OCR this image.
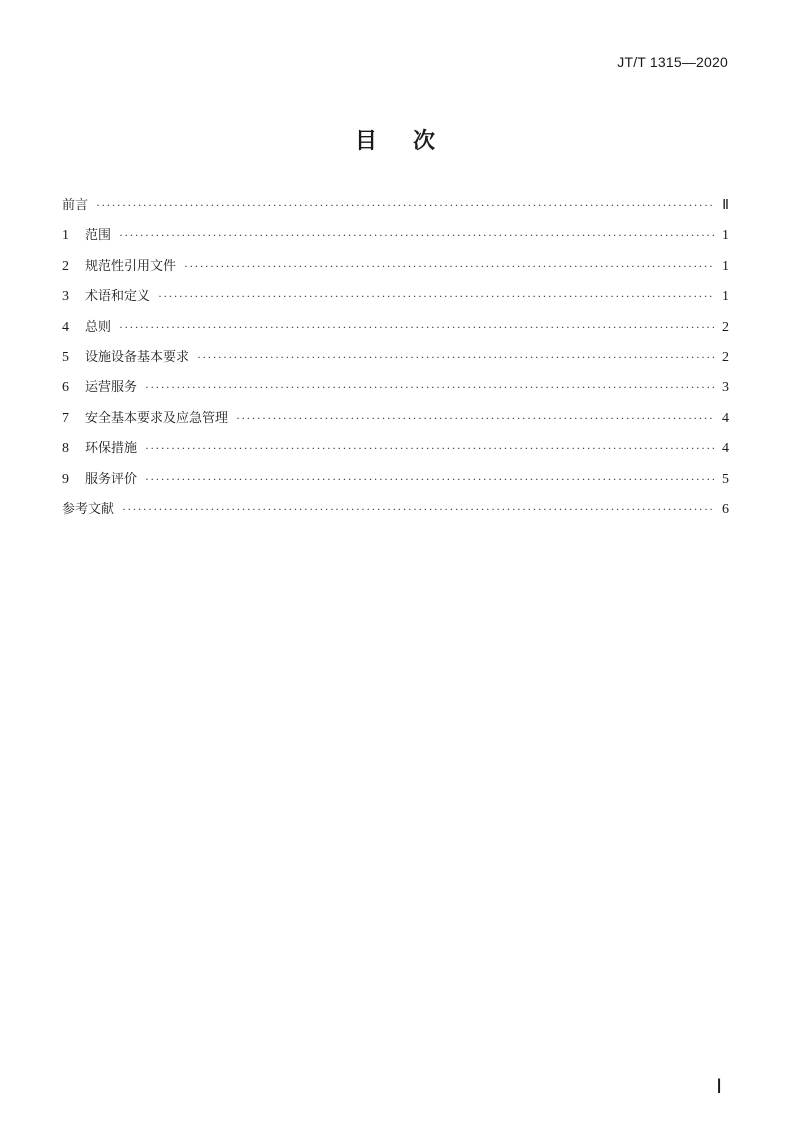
JT/T 1315—2020
目次
前言 ·····	Ⅱ
1	范围 ·····	1
2	规范性引用文件 ·····	1
3	术语和定义 ·····	1
4	总则 ·····	2
5	设施设备基本要求 ·····	2
6	运营服务 ·····	3
7	安全基本要求及应急管理 ·····	4
8	环保措施 ·····	4
9	服务评价 ·····	5
参考文献 ·····	6
Ⅰ
